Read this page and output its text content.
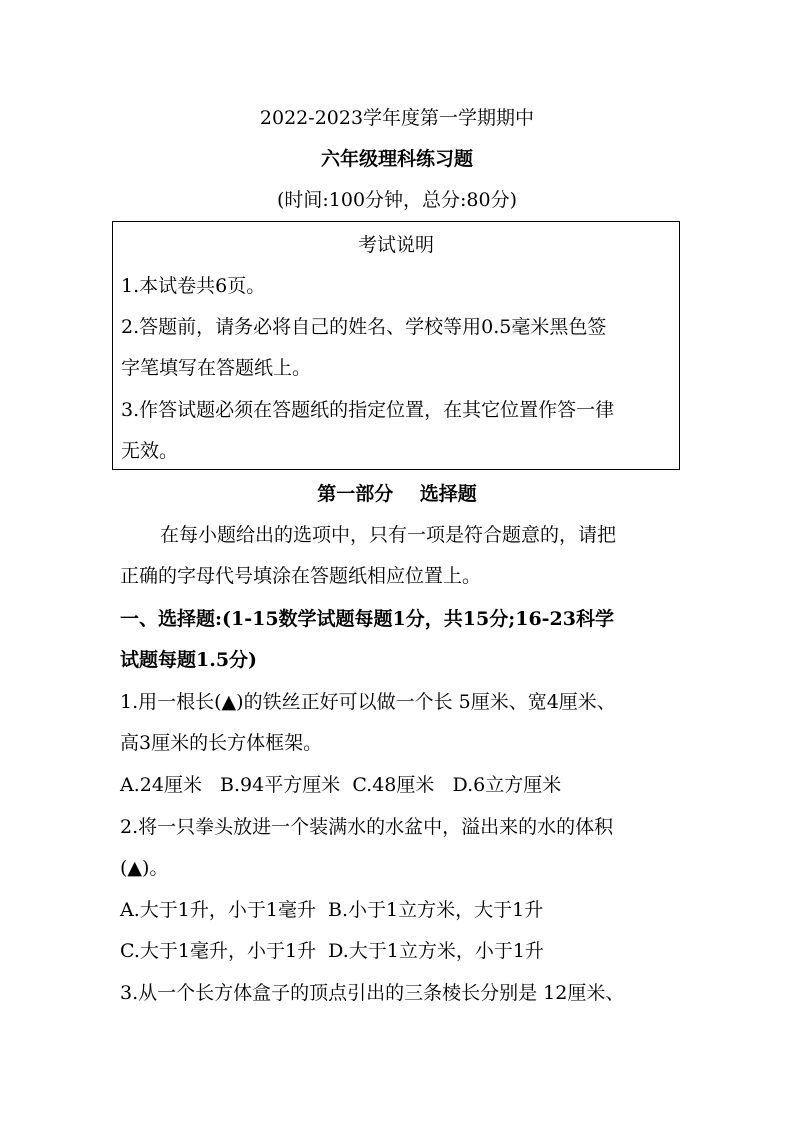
2022-2023学年度第一学期期中
六年级理科练习题
(时间:100分钟，总分:80分)
考试说明
1.本试卷共6页。
2.答题前，请务必将自己的姓名、学校等用0.5毫米黑色签
字笔填写在答题纸上。
3.作答试题必须在答题纸的指定位置，在其它位置作答一律
无效。
第一部分    选择题
在每小题给出的选项中，只有一项是符合题意的，请把
正确的字母代号填涂在答题纸相应位置上。
一、选择题:(1-15数学试题每题1分，共15分;16-23科学
试题每题1.5分)
1.用一根长(▲)的铁丝正好可以做一个长 5厘米、宽4厘米、
高3厘米的长方体框架。
A.24厘米   B.94平方厘米  C.48厘米   D.6立方厘米
2.将一只拳头放进一个装满水的水盆中，溢出来的水的体积
(▲)。
A.大于1升，小于1毫升  B.小于1立方米，大于1升
C.大于1毫升，小于1升  D.大于1立方米，小于1升
3.从一个长方体盒子的顶点引出的三条棱长分别是 12厘米、
